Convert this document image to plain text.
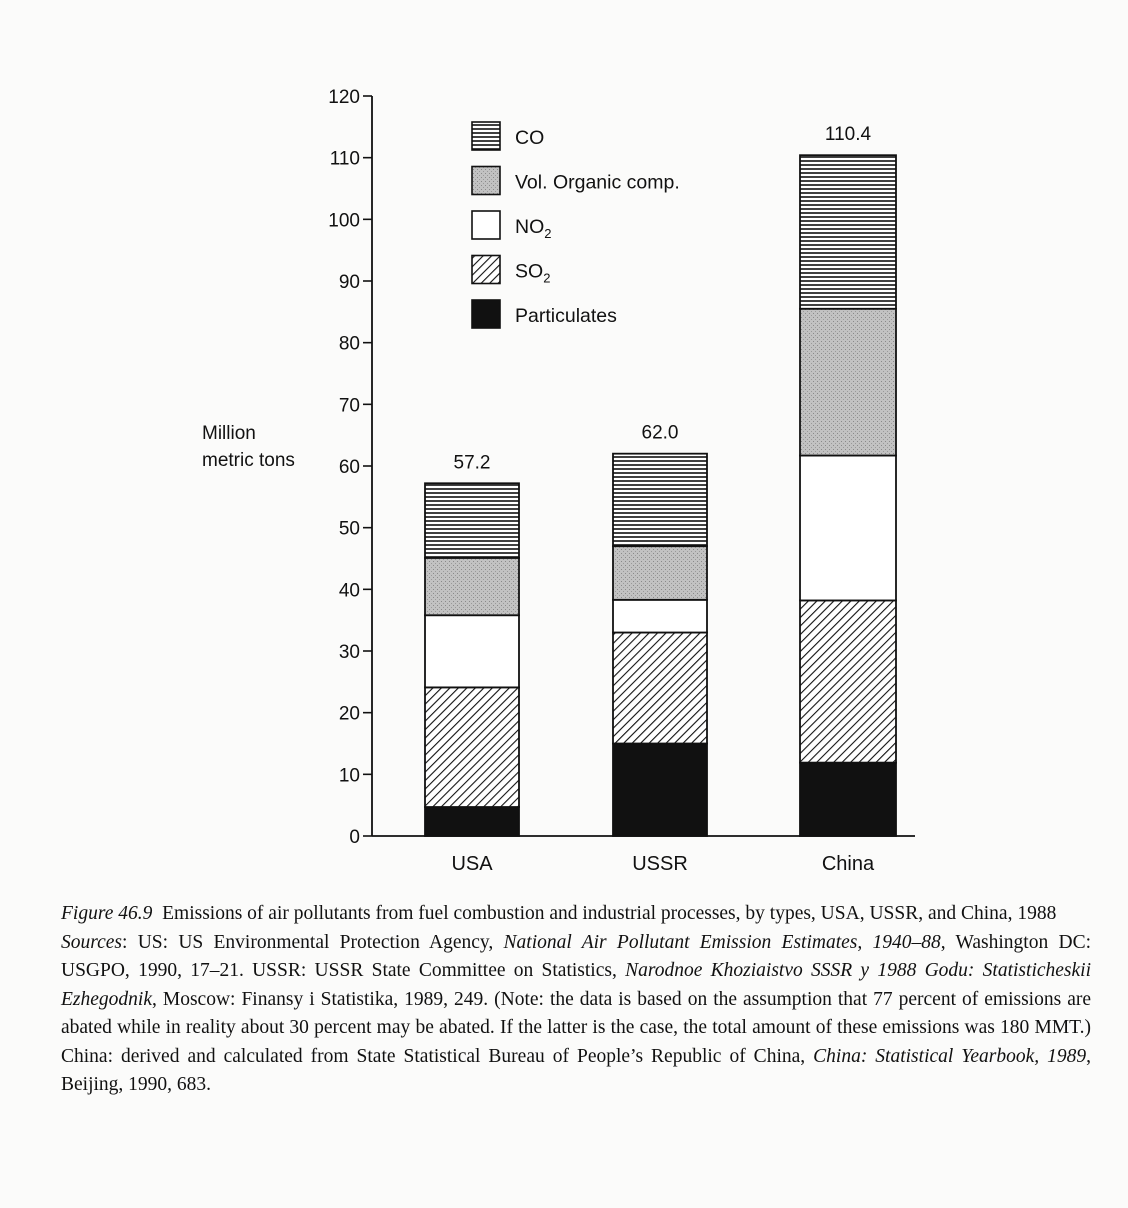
0
10
20
30
40
50
60
70
80
90
100
110
120
57.2
USA
62.0
USSR
110.4
China
CO
Vol. Organic comp.
$NO_2$
$SO_2$
Particulates
Million
metric tons

Figure 46.9 Emissions of air pollutants from fuel combustion and industrial processes, by types, USA, USSR, and China, 1988

Sources: US: US Environmental Protection Agency, National Air Pollutant Emission Estimates, 1940–88, Washington DC: USGPO, 1990, 17–21. USSR: USSR State Committee on Statistics, Narodnoe Khoziaistvo SSSR y 1988 Godu: Statisticheskii Ezhegodnik, Moscow: Finansy i Statistika, 1989, 249. (Note: the data is based on the assumption that 77 percent of emissions are abated while in reality about 30 percent may be abated. If the latter is the case, the total amount of these emissions was 180 MMT.) China: derived and calculated from State Statistical Bureau of People’s Republic of China, China: Statistical Yearbook, 1989, Beijing, 1990, 683.
